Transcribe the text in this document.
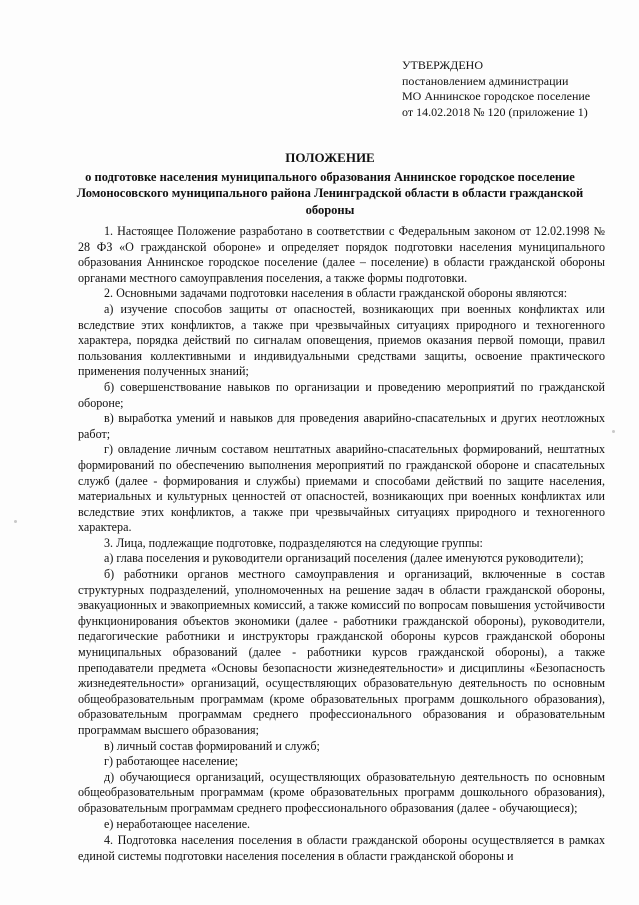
УТВЕРЖДЕНО
постановлением администрации
МО Аннинское городское поселение
от 14.02.2018 № 120 (приложение 1)
ПОЛОЖЕНИЕ
о подготовке населения муниципального образования Аннинское городское поселение Ломоносовского муниципального района Ленинградской области в области гражданской обороны

1. Настоящее Положение разработано в соответствии с Федеральным законом от 12.02.1998 № 28 ФЗ «О гражданской обороне» и определяет порядок подготовки населения муниципального образования Аннинское городское поселение (далее – поселение) в области гражданской обороны органами местного самоуправления поселения, а также формы подготовки.

2. Основными задачами подготовки населения в области гражданской обороны являются:

а) изучение способов защиты от опасностей, возникающих при военных конфликтах или вследствие этих конфликтов, а также при чрезвычайных ситуациях природного и техногенного характера, порядка действий по сигналам оповещения, приемов оказания первой помощи, правил пользования коллективными и индивидуальными средствами защиты, освоение практического применения полученных знаний;

б) совершенствование навыков по организации и проведению мероприятий по гражданской обороне;

в) выработка умений и навыков для проведения аварийно-спасательных и других неотложных работ;

г) овладение личным составом нештатных аварийно-спасательных формирований, нештатных формирований по обеспечению выполнения мероприятий по гражданской обороне и спасательных служб (далее - формирования и службы) приемами и способами действий по защите населения, материальных и культурных ценностей от опасностей, возникающих при военных конфликтах или вследствие этих конфликтов, а также при чрезвычайных ситуациях природного и техногенного характера.

3. Лица, подлежащие подготовке, подразделяются на следующие группы:

а) глава поселения и руководители организаций поселения (далее именуются руководители);

б) работники органов местного самоуправления и организаций, включенные в состав структурных подразделений, уполномоченных на решение задач в области гражданской обороны, эвакуационных и эвакоприемных комиссий, а также комиссий по вопросам повышения устойчивости функционирования объектов экономики (далее - работники гражданской обороны), руководители, педагогические работники и инструкторы гражданской обороны курсов гражданской обороны муниципальных образований (далее - работники курсов гражданской обороны), а также преподаватели предмета «Основы безопасности жизнедеятельности» и дисциплины «Безопасность жизнедеятельности» организаций, осуществляющих образовательную деятельность по основным общеобразовательным программам (кроме образовательных программ дошкольного образования), образовательным программам среднего профессионального образования и образовательным программам высшего образования;

в) личный состав формирований и служб;

г) работающее население;

д) обучающиеся организаций, осуществляющих образовательную деятельность по основным общеобразовательным программам (кроме образовательных программ дошкольного образования), образовательным программам среднего профессионального образования (далее - обучающиеся);

е) неработающее население.

4. Подготовка населения поселения в области гражданской обороны осуществляется в рамках единой системы подготовки населения поселения в области гражданской обороны и
